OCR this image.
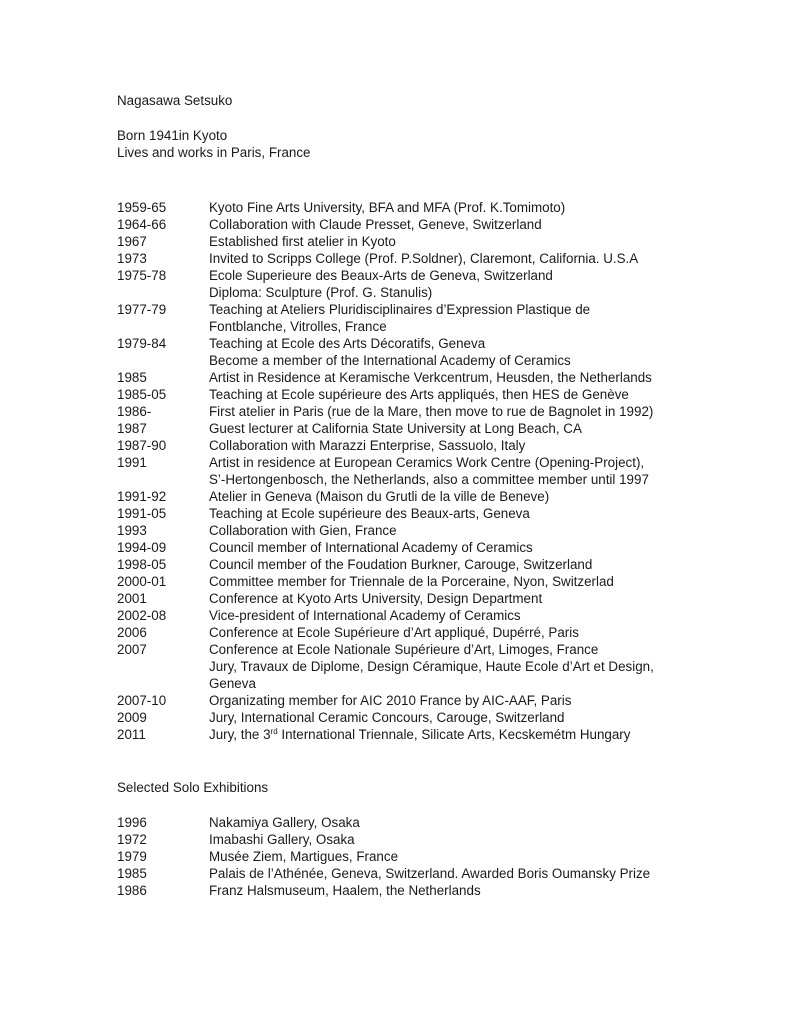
Nagasawa Setsuko
Born 1941in Kyoto
Lives and works in Paris, France
1959-65	Kyoto Fine Arts University, BFA and MFA (Prof. K.Tomimoto)
1964-66	Collaboration with Claude Presset, Geneve, Switzerland
1967	Established first atelier in Kyoto
1973	Invited to Scripps College (Prof. P.Soldner), Claremont, California. U.S.A
1975-78	Ecole Superieure des Beaux-Arts de Geneva, Switzerland
Diploma: Sculpture (Prof. G. Stanulis)
1977-79	Teaching at Ateliers Pluridisciplinaires d’Expression Plastique de
Fontblanche, Vitrolles, France
1979-84	Teaching at Ecole des Arts Décoratifs, Geneva
Become a member of the International Academy of Ceramics
1985	Artist in Residence at Keramische Verkcentrum, Heusden, the Netherlands
1985-05	Teaching at Ecole supérieure des Arts appliqués, then HES de Genève
1986-	First atelier in Paris (rue de la Mare, then move to rue de Bagnolet in 1992)
1987	Guest lecturer at California State University at Long Beach, CA
1987-90	Collaboration with Marazzi Enterprise, Sassuolo, Italy
1991	Artist in residence at European Ceramics Work Centre (Opening-Project),
S’-Hertongenbosch, the Netherlands, also a committee member until 1997
1991-92	Atelier in Geneva (Maison du Grutli de la ville de Beneve)
1991-05	Teaching at Ecole supérieure des Beaux-arts, Geneva
1993	Collaboration with Gien, France
1994-09	Council member of International Academy of Ceramics
1998-05	Council member of the Foudation Burkner, Carouge, Switzerland
2000-01	Committee member for Triennale de la Porceraine, Nyon, Switzerlad
2001	Conference at Kyoto Arts University, Design Department
2002-08	Vice-president of International Academy of Ceramics
2006	Conference at Ecole Supérieure d’Art appliqué, Dupérré, Paris
2007	Conference at Ecole Nationale Supérieure d’Art, Limoges, France
Jury, Travaux de Diplome, Design Céramique, Haute Ecole d’Art et Design,
Geneva
2007-10	Organizating member for AIC 2010 France by AIC-AAF, Paris
2009	Jury, International Ceramic Concours, Carouge, Switzerland
2011	Jury, the 3rd International Triennale, Silicate Arts, Kecskemétm Hungary
Selected Solo Exhibitions
1996	Nakamiya Gallery, Osaka
1972	Imabashi Gallery, Osaka
1979	Musée Ziem, Martigues, France
1985	Palais de l’Athénée, Geneva, Switzerland. Awarded Boris Oumansky Prize
1986	Franz Halsmuseum, Haalem, the Netherlands
